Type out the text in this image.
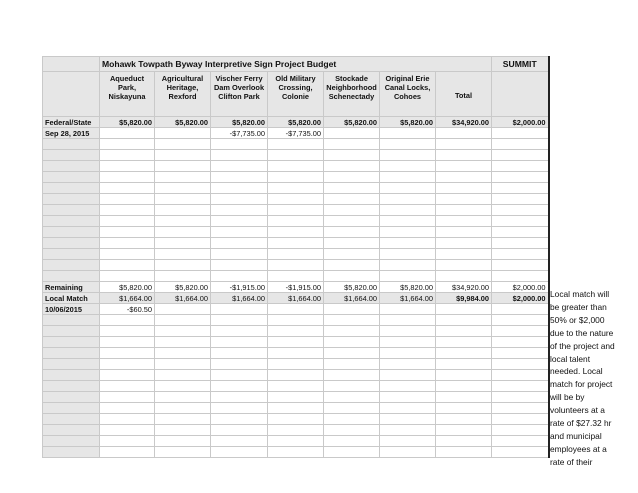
	Mohawk Towpath Byway Interpretive Sign Project Budget							SUMMIT
	Aqueduct Park, Niskayuna	Agricultural Heritage, Rexford	Vischer Ferry Dam Overlook Clifton Park	Old Military Crossing, Colonie	Stockade Neighborhood Schenectady	Original Erie Canal Locks, Cohoes	Total	
Federal/State	$5,820.00	$5,820.00	$5,820.00	$5,820.00	$5,820.00	$5,820.00	$34,920.00	$2,000.00
Sep 28, 2015			-$7,735.00	-$7,735.00				

Remaining	$5,820.00	$5,820.00	-$1,915.00	-$1,915.00	$5,820.00	$5,820.00	$34,920.00	$2,000.00
Local Match	$1,664.00	$1,664.00	$1,664.00	$1,664.00	$1,664.00	$1,664.00	$9,984.00	$2,000.00
10/06/2015	-$60.50							

Local match will be greater than 50% or $2,000 due to the nature of the project and local talent needed. Local match for project will be by volunteers at a rate of $27.32 hr and municipal employees at a rate of their
